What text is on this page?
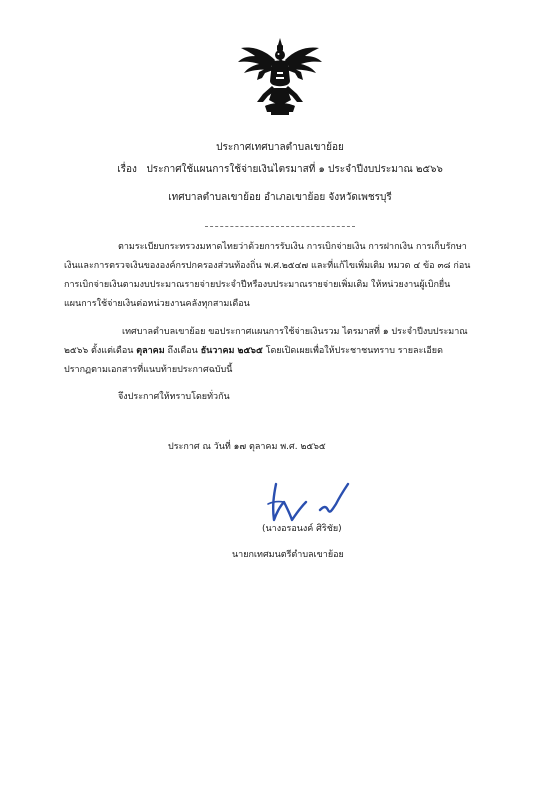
ประกาศเทศบาลตำบลเขาย้อย
เรื่อง ประกาศใช้แผนการใช้จ่ายเงินไตรมาสที่ ๑ ประจำปีงบประมาณ ๒๕๖๖
เทศบาลตำบลเขาย้อย อำเภอเขาย้อย จังหวัดเพชรบุรี
ตามระเบียบกระทรวงมหาดไทยว่าด้วยการรับเงิน การเบิกจ่ายเงิน การฝากเงิน การเก็บรักษา
เงินและการตรวจเงินขององค์กรปกครองส่วนท้องถิ่น พ.ศ.๒๕๔๗ และที่แก้ไขเพิ่มเติม หมวด ๔ ข้อ ๓๘ ก่อน
การเบิกจ่ายเงินตามงบประมาณรายจ่ายประจำปีหรืองบประมาณรายจ่ายเพิ่มเติม ให้หน่วยงานผู้เบิกยื่น
แผนการใช้จ่ายเงินต่อหน่วยงานคลังทุกสามเดือน
เทศบาลตำบลเขาย้อย ขอประกาศแผนการใช้จ่ายเงินรวม ไตรมาสที่ ๑ ประจำปีงบประมาณ
๒๕๖๖ ตั้งแต่เดือน ตุลาคม ถึงเดือน ธันวาคม ๒๕๖๕ โดยเปิดเผยเพื่อให้ประชาชนทราบ รายละเอียด
ปรากฏตามเอกสารที่แนบท้ายประกาศฉบับนี้
จึงประกาศให้ทราบโดยทั่วกัน
ประกาศ ณ วันที่ ๑๗ ตุลาคม พ.ศ. ๒๕๖๕
(นางอรอนงค์ ศิริชัย)
นายกเทศมนตรีตำบลเขาย้อย
